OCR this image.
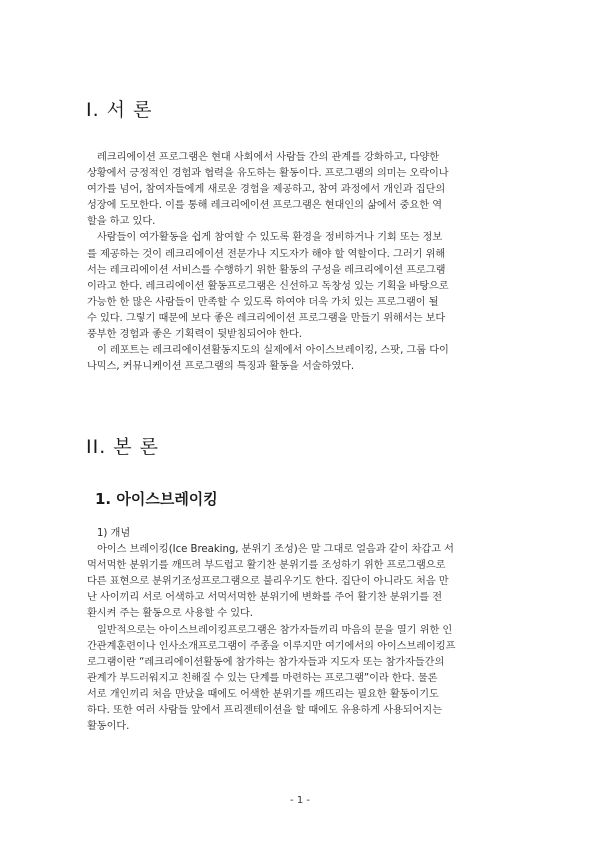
I. 서 론
레크리에이션 프로그램은 현대 사회에서 사람들 간의 관계를 강화하고, 다양한
상황에서 긍정적인 경험과 협력을 유도하는 활동이다. 프로그램의 의미는 오락이나
여가를 넘어, 참여자들에게 새로운 경험을 제공하고, 참여 과정에서 개인과 집단의
성장에 도모한다. 이를 통해 레크리에이션 프로그램은 현대인의 삶에서 중요한 역
할을 하고 있다.
사람들이 여가활동을 쉽게 참여할 수 있도록 환경을 정비하거나 기회 또는 정보
를 제공하는 것이 레크리에이션 전문가나 지도자가 해야 할 역할이다. 그러기 위해
서는 레크리에이션 서비스를 수행하기 위한 활동의 구성을 레크리에이션 프로그램
이라고 한다. 레크리에이션 활동프로그램은 신선하고 독창성 있는 기획을 바탕으로
가능한 한 많은 사람들이 만족할 수 있도록 하여야 더욱 가치 있는 프로그램이 될
수 있다. 그렇기 때문에 보다 좋은 레크리에이션 프로그램을 만들기 위해서는 보다
풍부한 경험과 좋은 기획력이 뒷받침되어야 한다.
이 레포트는 레크리에이션활동지도의 실제에서 아이스브레이킹, 스팟, 그룹 다이
나믹스, 커뮤니케이션 프로그램의 특징과 활동을 서술하였다.
II. 본 론
1. 아이스브레이킹
1) 개념
아이스 브레이킹(Ice Breaking, 분위기 조성)은 말 그대로 얼음과 같이 차갑고 서
먹서먹한 분위기를 깨뜨려 부드럽고 활기찬 분위기를 조성하기 위한 프로그램으로
다른 표현으로 분위기조성프로그램으로 불리우기도 한다. 집단이 아니라도 처음 만
난 사이끼리 서로 어색하고 서먹서먹한 분위기에 변화를 주어 활기찬 분위기를 전
환시켜 주는 활동으로 사용할 수 있다.
일반적으로는 아이스브레이킹프로그램은 참가자들끼리 마음의 문을 열기 위한 인
간관계훈련이나 인사소개프로그램이 주종을 이루지만 여기에서의 아이스브레이킹프
로그램이란 “레크리에이션활동에 참가하는 참가자들과 지도자 또는 참가자들간의
관계가 부드러워지고 친해질 수 있는 단계를 마련하는 프로그램”이라 한다. 물론
서로 개인끼리 처음 만났을 때에도 어색한 분위기를 깨뜨리는 필요한 활동이기도
하다. 또한 여러 사람들 앞에서 프리젠테이션을 할 때에도 유용하게 사용되어지는
활동이다.
- 1 -
